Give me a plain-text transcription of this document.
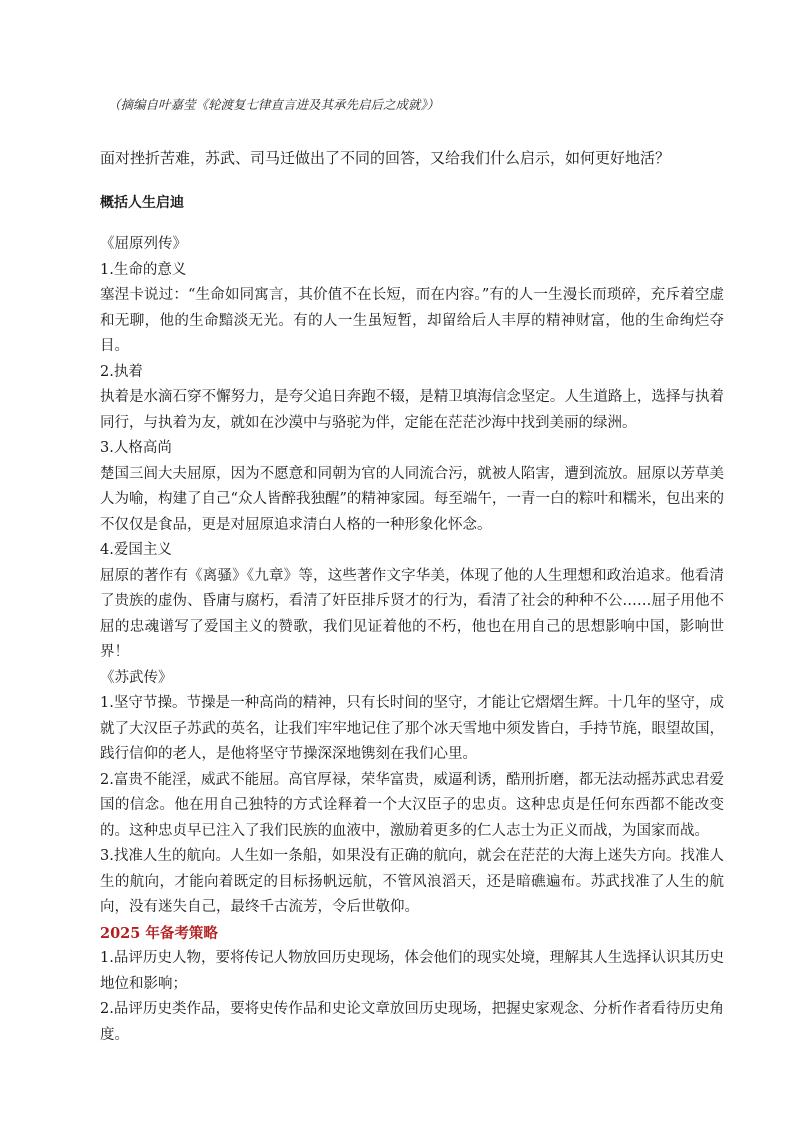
（摘编自叶嘉莹《轮渡复七律直言进及其承先启后之成就》）
面对挫折苦难，苏武、司马迁做出了不同的回答，又给我们什么启示，如何更好地活？
概括人生启迪

《屈原列传》

1.生命的意义

塞涅卡说过：“生命如同寓言，其价值不在长短，而在内容。”有的人一生漫长而琐碎，充斥着空虚和无聊，他的生命黯淡无光。有的人一生虽短暂，却留给后人丰厚的精神财富，他的生命绚烂夺目。

2.执着

执着是水滴石穿不懈努力，是夸父追日奔跑不辍，是精卫填海信念坚定。人生道路上，选择与执着同行，与执着为友，就如在沙漠中与骆驼为伴，定能在茫茫沙海中找到美丽的绿洲。

3.人格高尚

楚国三闾大夫屈原，因为不愿意和同朝为官的人同流合污，就被人陷害，遭到流放。屈原以芳草美人为喻，构建了自己“众人皆醉我独醒”的精神家园。每至端午，一青一白的粽叶和糯米，包出来的不仅仅是食品，更是对屈原追求清白人格的一种形象化怀念。

4.爱国主义

屈原的著作有《离骚》《九章》等，这些著作文字华美，体现了他的人生理想和政治追求。他看清了贵族的虚伪、昏庸与腐朽，看清了奸臣排斥贤才的行为，看清了社会的种种不公……屈子用他不屈的忠魂谱写了爱国主义的赞歌，我们见证着他的不朽，他也在用自己的思想影响中国，影响世界！

《苏武传》

1.坚守节操。节操是一种高尚的精神，只有长时间的坚守，才能让它熠熠生辉。十几年的坚守，成就了大汉臣子苏武的英名，让我们牢牢地记住了那个冰天雪地中须发皆白，手持节旄，眼望故国，践行信仰的老人，是他将坚守节操深深地镌刻在我们心里。

2.富贵不能淫，威武不能屈。高官厚禄，荣华富贵，威逼利诱，酷刑折磨，都无法动摇苏武忠君爱国的信念。他在用自己独特的方式诠释着一个大汉臣子的忠贞。这种忠贞是任何东西都不能改变的。这种忠贞早已注入了我们民族的血液中，激励着更多的仁人志士为正义而战，为国家而战。

3.找准人生的航向。人生如一条船，如果没有正确的航向，就会在茫茫的大海上迷失方向。找准人生的航向，才能向着既定的目标扬帆远航，不管风浪滔天，还是暗礁遍布。苏武找准了人生的航向，没有迷失自己，最终千古流芳，令后世敬仰。

2025 年备考策略

1.品评历史人物，要将传记人物放回历史现场，体会他们的现实处境，理解其人生选择认识其历史地位和影响；

2.品评历史类作品，要将史传作品和史论文章放回历史现场，把握史家观念、分析作者看待历史角度。
